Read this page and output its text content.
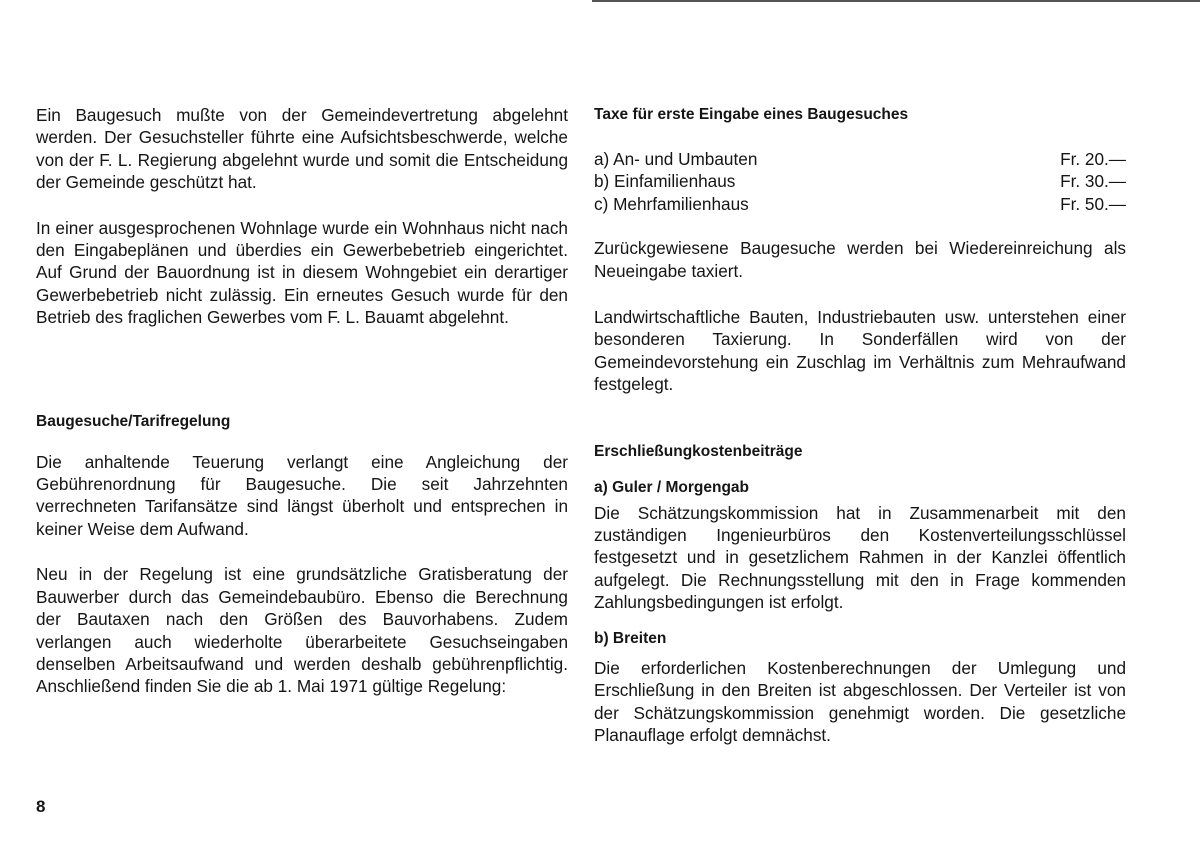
Ein Baugesuch mußte von der Gemeindevertretung abgelehnt werden. Der Gesuchsteller führte eine Aufsichtsbeschwerde, welche von der F. L. Regierung abgelehnt wurde und somit die Entscheidung der Gemeinde geschützt hat.

In einer ausgesprochenen Wohnlage wurde ein Wohnhaus nicht nach den Eingabeplänen und überdies ein Gewerbebetrieb eingerichtet. Auf Grund der Bauordnung ist in diesem Wohngebiet ein derartiger Gewerbebetrieb nicht zulässig. Ein erneutes Gesuch wurde für den Betrieb des fraglichen Gewerbes vom F. L. Bauamt abgelehnt.

Baugesuche/Tarifregelung

Die anhaltende Teuerung verlangt eine Angleichung der Gebührenordnung für Baugesuche. Die seit Jahrzehnten verrechneten Tarifansätze sind längst überholt und entsprechen in keiner Weise dem Aufwand.

Neu in der Regelung ist eine grundsätzliche Gratisberatung der Bauwerber durch das Gemeindebaubüro. Ebenso die Berechnung der Bautaxen nach den Größen des Bauvorhabens. Zudem verlangen auch wiederholte überarbeitete Gesuchseingaben denselben Arbeitsaufwand und werden deshalb gebührenpflichtig. Anschließend finden Sie die ab 1. Mai 1971 gültige Regelung:

Taxe für erste Eingabe eines Baugesuches
a) An- und Umbauten	Fr. 20.—
b) Einfamilienhaus	Fr. 30.—
c) Mehrfamilienhaus	Fr. 50.—

Zurückgewiesene Baugesuche werden bei Wiedereinreichung als Neueingabe taxiert.

Landwirtschaftliche Bauten, Industriebauten usw. unterstehen einer besonderen Taxierung. In Sonderfällen wird von der Gemeindevorstehung ein Zuschlag im Verhältnis zum Mehraufwand festgelegt.

Erschließungkostenbeiträge
a) Guler / Morgengab

Die Schätzungskommission hat in Zusammenarbeit mit den zuständigen Ingenieurbüros den Kostenverteilungsschlüssel festgesetzt und in gesetzlichem Rahmen in der Kanzlei öffentlich aufgelegt. Die Rechnungsstellung mit den in Frage kommenden Zahlungsbedingungen ist erfolgt.

b) Breiten

Die erforderlichen Kostenberechnungen der Umlegung und Erschließung in den Breiten ist abgeschlossen. Der Verteiler ist von der Schätzungskommission genehmigt worden. Die gesetzliche Planauflage erfolgt demnächst.

8
